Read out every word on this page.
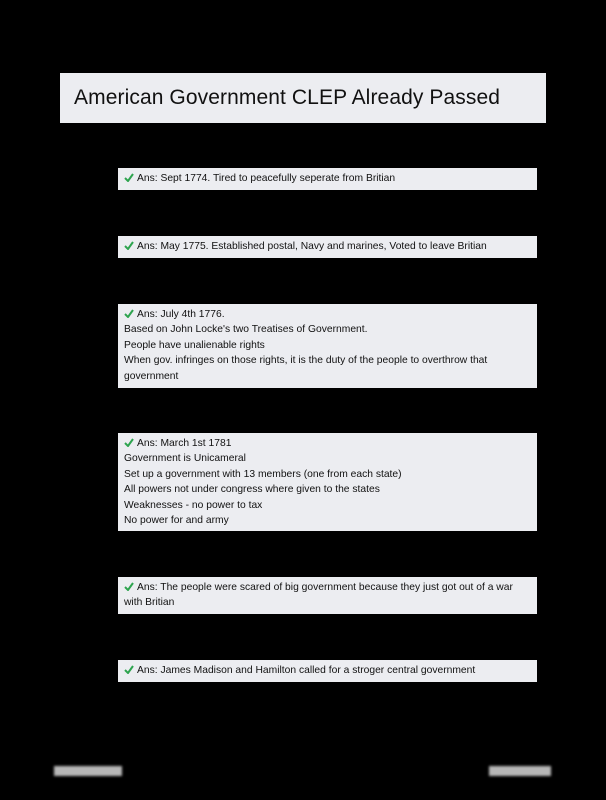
American Government CLEP Already Passed
Ans: Sept 1774. Tired to peacefully seperate from Britian
Ans: May 1775. Established postal, Navy and marines, Voted to leave Britian
Ans: July 4th 1776.
Based on John Locke's two Treatises of Government.
People have unalienable rights
When gov. infringes on those rights, it is the duty of the people to overthrow that government
Ans: March 1st 1781
Government is Unicameral
Set up a government with 13 members (one from each state)
All powers not under congress where given to the states
Weaknesses - no power to tax
No power for and army
Ans: The people were scared of big government because they just got out of a war with Britian
Ans: James Madison and Hamilton called for a stroger central government
